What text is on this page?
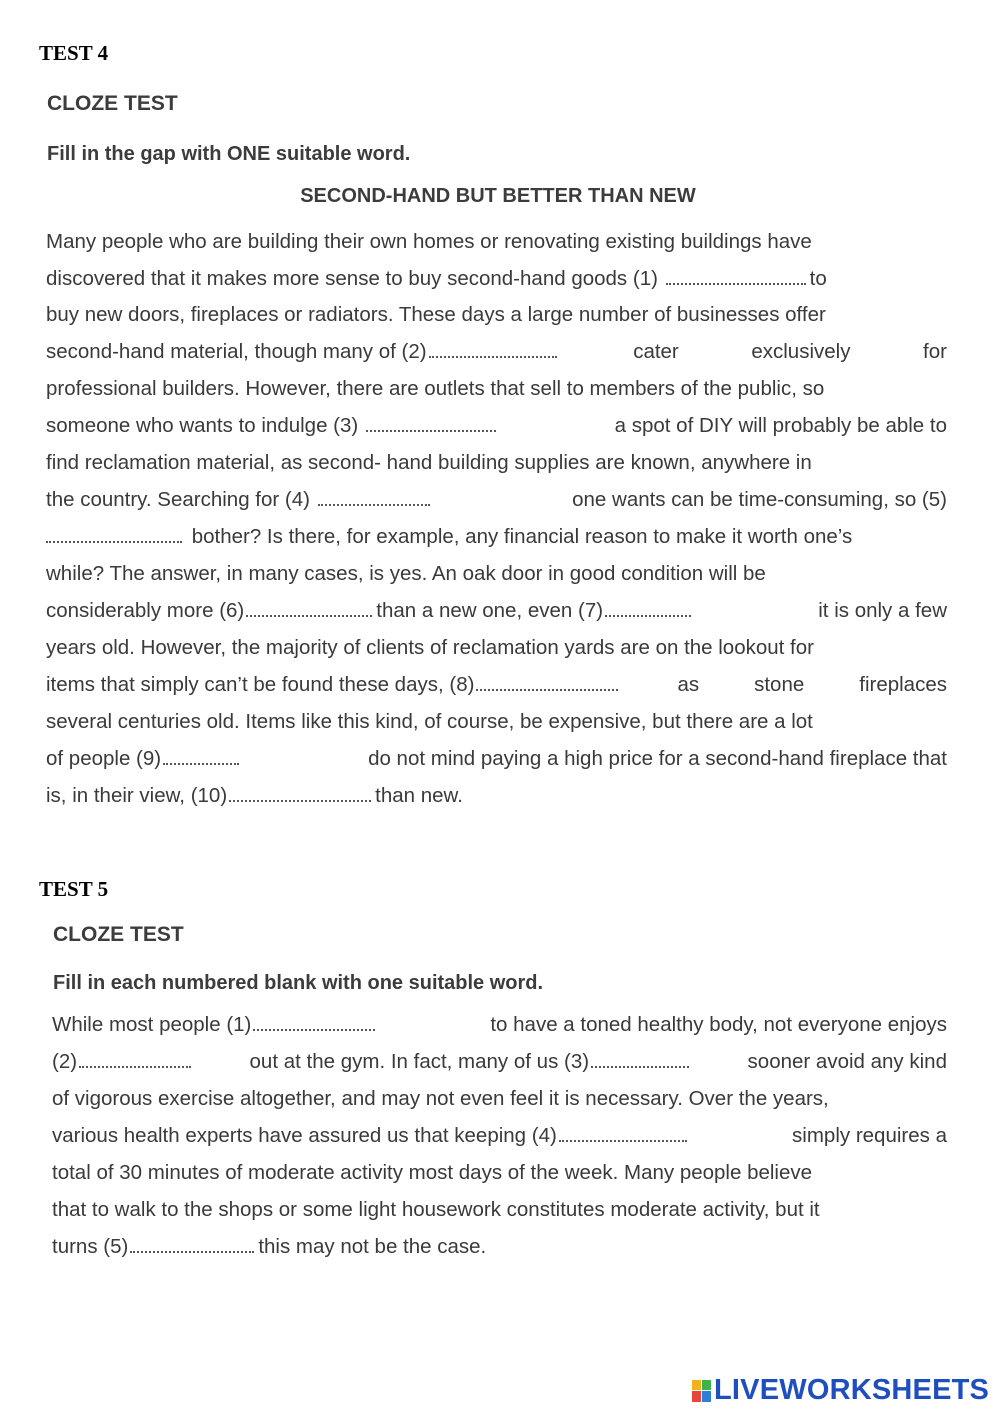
TEST 4
CLOZE TEST
Fill in the gap with ONE suitable word.
SECOND-HAND BUT BETTER THAN NEW
Many people who are building their own homes or renovating existing buildings have
discovered that it makes more sense to buy second-hand goods (1)	to
buy new doors, fireplaces or radiators. These days a large number of businesses offer
second-hand material, though many of (2)	cater	exclusively	for
professional builders. However, there are outlets that sell to members of the public, so
someone who wants to indulge (3)	a spot of DIY will probably be able to
find reclamation material, as second- hand building supplies are known, anywhere in
the country. Searching for (4)	one wants can be time-consuming, so (5)
bother? Is there, for example, any financial reason to make it worth one’s
while? The answer, in many cases, is yes. An oak door in good condition will be
considerably more (6)	than a new one, even (7)	it is only a few
years old. However, the majority of clients of reclamation yards are on the lookout for
items that simply can’t be found these days, (8)	as	stone	fireplaces
several centuries old. Items like this kind, of course, be expensive, but there are a lot
of people (9)	do not mind paying a high price for a second-hand fireplace that
is, in their view, (10)	than new.
TEST 5
CLOZE TEST
Fill in each numbered blank with one suitable word.
While most people (1)	to have a toned healthy body, not everyone enjoys
(2)	out at the gym. In fact, many of us (3)	sooner avoid any kind
of vigorous exercise altogether, and may not even feel it is necessary. Over the years,
various health experts have assured us that keeping (4)	simply requires a
total of 30 minutes of moderate activity most days of the week. Many people believe
that to walk to the shops or some light housework constitutes moderate activity, but it
turns (5)	this may not be the case.
LIVEWORKSHEETS
